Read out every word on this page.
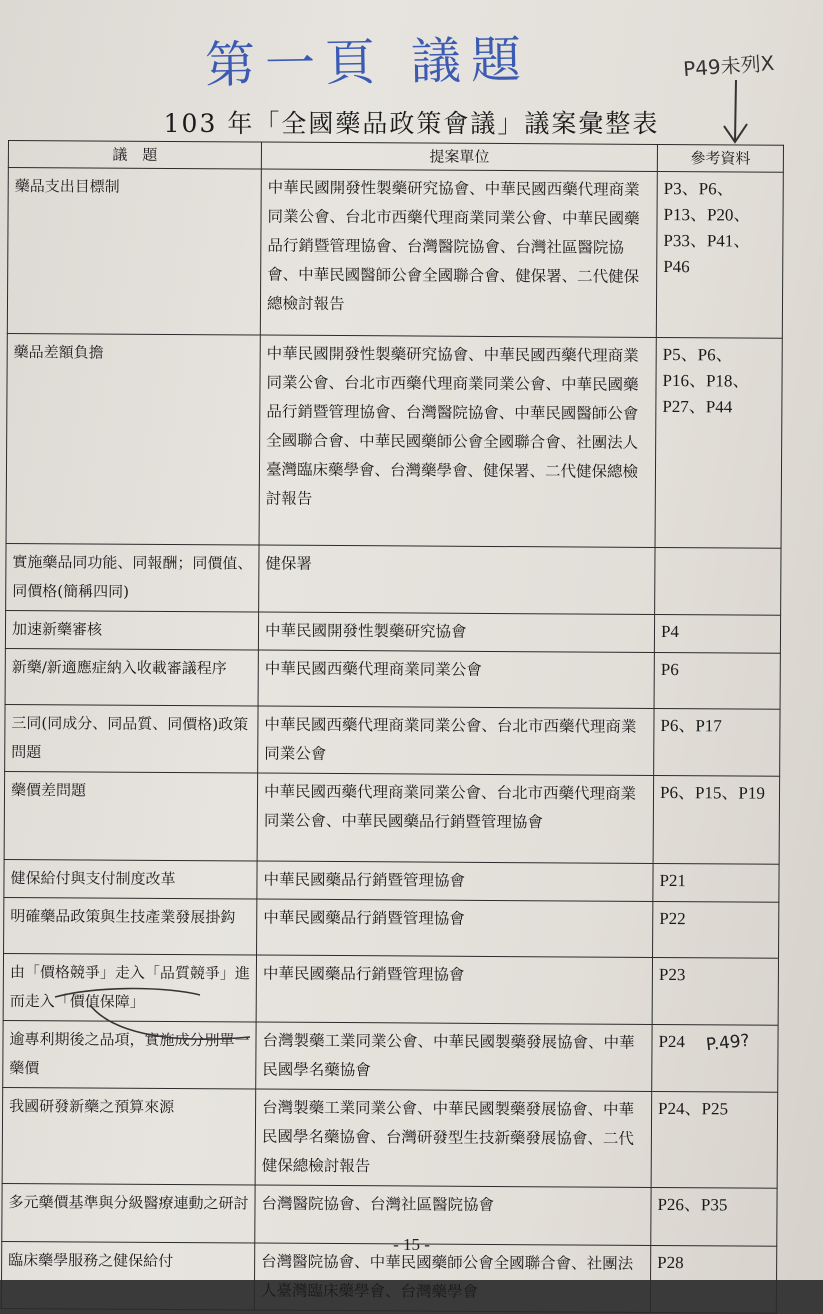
第一頁 議題	P49未列X
103 年「全國藥品政策會議」議案彙整表
議　題	提案單位	參考資料
藥品支出目標制	中華民國開發性製藥研究協會、中華民國西藥代理商業同業公會、台北市西藥代理商業同業公會、中華民國藥品行銷暨管理協會、台灣醫院協會、台灣社區醫院協會、中華民國醫師公會全國聯合會、健保署、二代健保總檢討報告	P3、P6、P13、P20、P33、P41、P46
藥品差額負擔	中華民國開發性製藥研究協會、中華民國西藥代理商業同業公會、台北市西藥代理商業同業公會、中華民國藥品行銷暨管理協會、台灣醫院協會、中華民國醫師公會全國聯合會、中華民國藥師公會全國聯合會、社團法人臺灣臨床藥學會、台灣藥學會、健保署、二代健保總檢討報告	P5、P6、P16、P18、P27、P44
實施藥品同功能、同報酬；同價值、同價格(簡稱四同)	健保署	
加速新藥審核	中華民國開發性製藥研究協會	P4
新藥/新適應症納入收載審議程序	中華民國西藥代理商業同業公會	P6
三同(同成分、同品質、同價格)政策問題	中華民國西藥代理商業同業公會、台北市西藥代理商業同業公會	P6、P17
藥價差問題	中華民國西藥代理商業同業公會、台北市西藥代理商業同業公會、中華民國藥品行銷暨管理協會	P6、P15、P19
健保給付與支付制度改革	中華民國藥品行銷暨管理協會	P21
明確藥品政策與生技產業發展掛鈎	中華民國藥品行銷暨管理協會	P22
由「價格競爭」走入「品質競爭」進而走入「價值保障」	中華民國藥品行銷暨管理協會	P23
逾專利期後之品項，實施成分別單一藥價	台灣製藥工業同業公會、中華民國製藥發展協會、中華民國學名藥協會	P24
我國研發新藥之預算來源	台灣製藥工業同業公會、中華民國製藥發展協會、中華民國學名藥協會、台灣研發型生技新藥發展協會、二代健保總檢討報告	P24、P25
多元藥價基準與分級醫療連動之研討	台灣醫院協會、台灣社區醫院協會	P26、P35
臨床藥學服務之健保給付	台灣醫院協會、中華民國藥師公會全國聯合會、社團法人臺灣臨床藥學會、台灣藥學會	P28
P.49?
- 15 -
